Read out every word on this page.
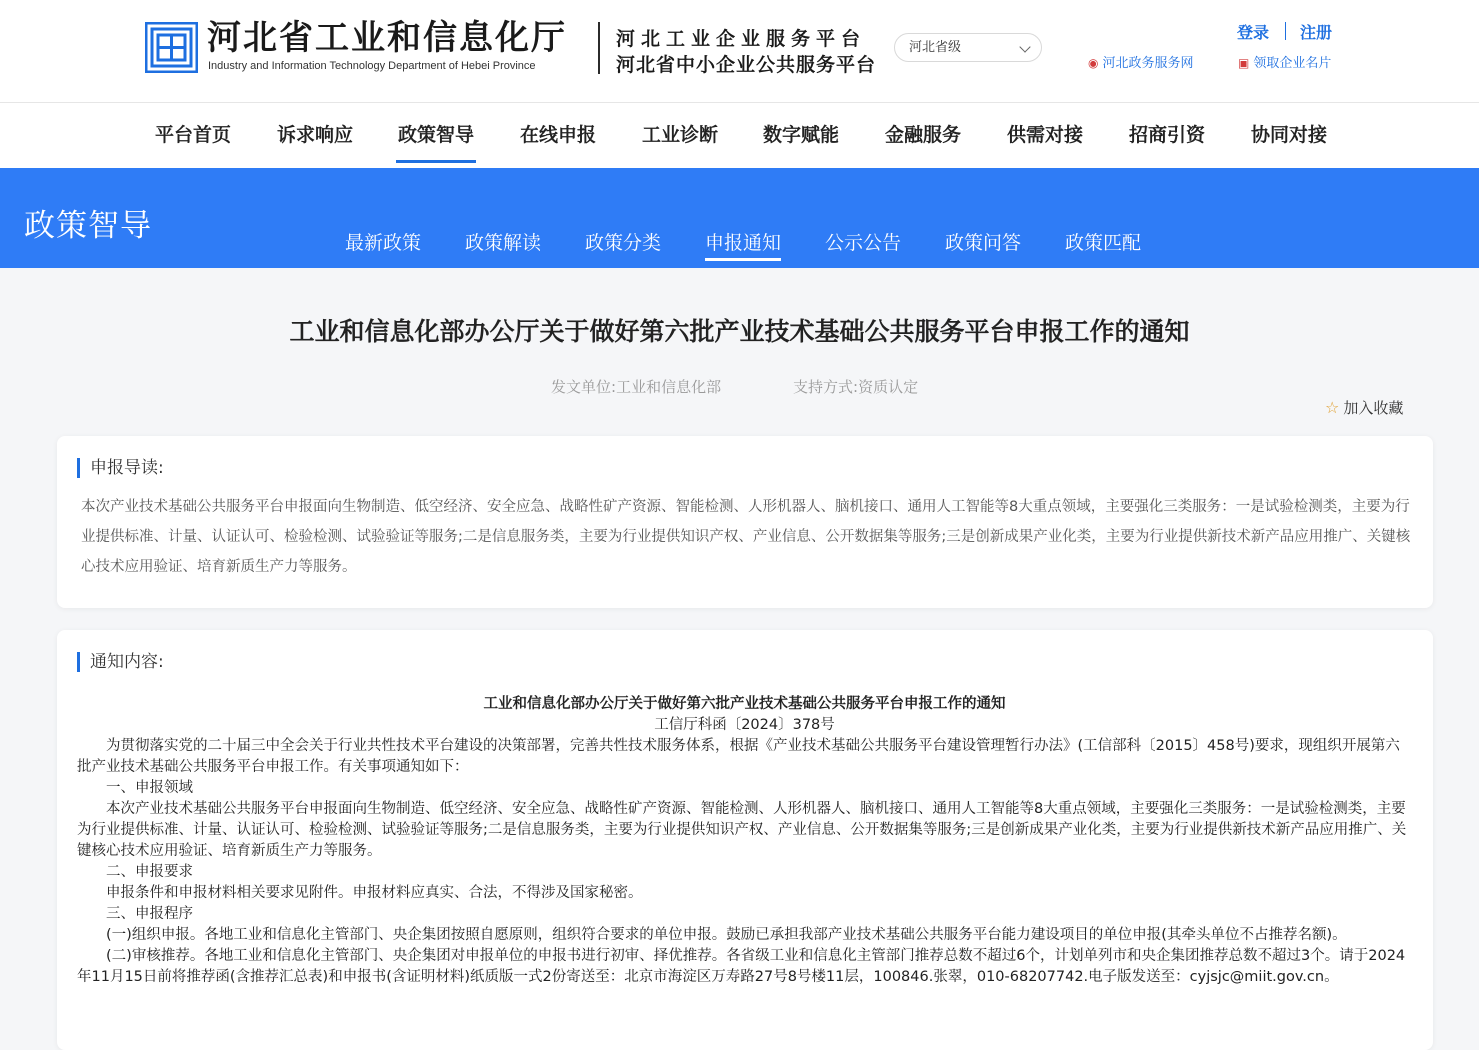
河北省工业和信息化厅
Industry and Information Technology Department of Hebei Province
河北工业企业服务平台
河北省中小企业公共服务平台
河北省级
登录 注册
◉ 河北政务服务网	▣ 领取企业名片
平台首页 诉求响应 政策智导 在线申报 工业诊断 数字赋能 金融服务 供需对接 招商引资 协同对接
政策智导	最新政策 政策解读 政策分类 申报通知 公示公告 政策问答 政策匹配
工业和信息化部办公厅关于做好第六批产业技术基础公共服务平台申报工作的通知
发文单位:工业和信息化部	支持方式:资质认定
☆ 加入收藏
申报导读:
本次产业技术基础公共服务平台申报面向生物制造、低空经济、安全应急、战略性矿产资源、智能检测、人形机器人、脑机接口、通用人工智能等8大重点领域，主要强化三类服务：一是试验检测类，主要为行业提供标准、计量、认证认可、检验检测、试验验证等服务;二是信息服务类，主要为行业提供知识产权、产业信息、公开数据集等服务;三是创新成果产业化类，主要为行业提供新技术新产品应用推广、关键核心技术应用验证、培育新质生产力等服务。
通知内容:

工业和信息化部办公厅关于做好第六批产业技术基础公共服务平台申报工作的通知

工信厅科函〔2024〕378号

为贯彻落实党的二十届三中全会关于行业共性技术平台建设的决策部署，完善共性技术服务体系，根据《产业技术基础公共服务平台建设管理暂行办法》(工信部科〔2015〕458号)要求，现组织开展第六批产业技术基础公共服务平台申报工作。有关事项通知如下：

一、申报领域

本次产业技术基础公共服务平台申报面向生物制造、低空经济、安全应急、战略性矿产资源、智能检测、人形机器人、脑机接口、通用人工智能等8大重点领域，主要强化三类服务：一是试验检测类，主要为行业提供标准、计量、认证认可、检验检测、试验验证等服务;二是信息服务类，主要为行业提供知识产权、产业信息、公开数据集等服务;三是创新成果产业化类，主要为行业提供新技术新产品应用推广、关键核心技术应用验证、培育新质生产力等服务。

二、申报要求

申报条件和申报材料相关要求见附件。申报材料应真实、合法，不得涉及国家秘密。

三、申报程序

(一)组织申报。各地工业和信息化主管部门、央企集团按照自愿原则，组织符合要求的单位申报。鼓励已承担我部产业技术基础公共服务平台能力建设项目的单位申报(其牵头单位不占推荐名额)。

(二)审核推荐。各地工业和信息化主管部门、央企集团对申报单位的申报书进行初审、择优推荐。各省级工业和信息化主管部门推荐总数不超过6个，计划单列市和央企集团推荐总数不超过3个。请于2024年11月15日前将推荐函(含推荐汇总表)和申报书(含证明材料)纸质版一式2份寄送至：北京市海淀区万寿路27号8号楼11层，100846.张翠，010-68207742.电子版发送至：cyjsjc@miit.gov.cn。
